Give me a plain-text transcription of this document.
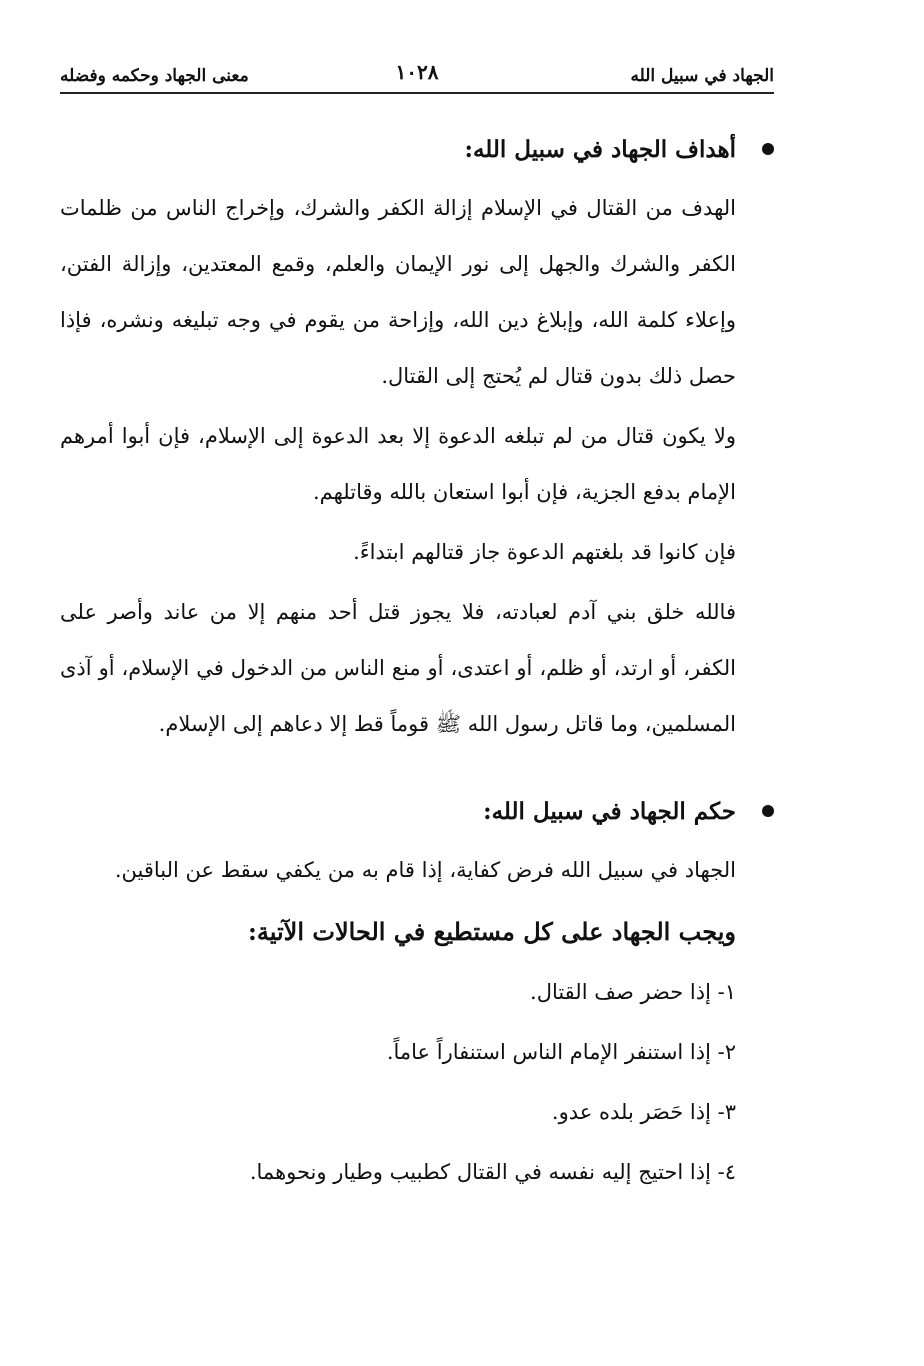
الجهاد في سبيل الله
١٠٢٨
معنى الجهاد وحكمه وفضله
أهداف الجهاد في سبيل الله:

الهدف من القتال في الإسلام إزالة الكفر والشرك، وإخراج الناس من ظلمات الكفر والشرك والجهل إلى نور الإيمان والعلم، وقمع المعتدين، وإزالة الفتن، وإعلاء كلمة الله، وإبلاغ دين الله، وإزاحة من يقوم في وجه تبليغه ونشره، فإذا حصل ذلك بدون قتال لم يُحتج إلى القتال.

ولا يكون قتال من لم تبلغه الدعوة إلا بعد الدعوة إلى الإسلام، فإن أبوا أمرهم الإمام بدفع الجزية، فإن أبوا استعان بالله وقاتلهم.

فإن كانوا قد بلغتهم الدعوة جاز قتالهم ابتداءً.

فالله خلق بني آدم لعبادته، فلا يجوز قتل أحد منهم إلا من عاند وأصر على الكفر، أو ارتد، أو ظلم، أو اعتدى، أو منع الناس من الدخول في الإسلام، أو آذى المسلمين، وما قاتل رسول الله ﷺ قوماً قط إلا دعاهم إلى الإسلام.

حكم الجهاد في سبيل الله:

الجهاد في سبيل الله فرض كفاية، إذا قام به من يكفي سقط عن الباقين.

ويجب الجهاد على كل مستطيع في الحالات الآتية:
١- إذا حضر صف القتال.
٢- إذا استنفر الإمام الناس استنفاراً عاماً.
٣- إذا حَصَر بلده عدو.
٤- إذا احتيج إليه نفسه في القتال كطبيب وطيار ونحوهما.
